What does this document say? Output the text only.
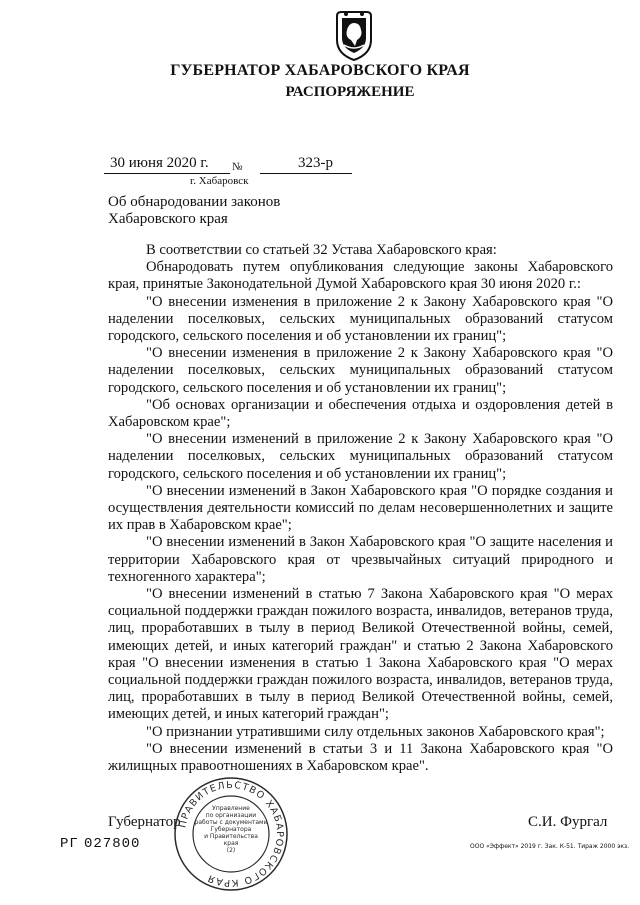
ГУБЕРНАТОР ХАБАРОВСКОГО КРАЯ
РАСПОРЯЖЕНИЕ
30 июня 2020 г. №	323-р
г. Хабаровск
Об обнародовании законов
Хабаровского края

В соответствии со статьей 32 Устава Хабаровского края:

Обнародовать путем опубликования следующие законы Хабаровского края, принятые Законодательной Думой Хабаровского края 30 июня 2020 г.:

"О внесении изменения в приложение 2 к Закону Хабаровского края "О наделении поселковых, сельских муниципальных образований статусом городского, сельского поселения и об установлении их границ";

"О внесении изменения в приложение 2 к Закону Хабаровского края "О наделении поселковых, сельских муниципальных образований статусом городского, сельского поселения и об установлении их границ";

"Об основах организации и обеспечения отдыха и оздоровления детей в Хабаровском крае";

"О внесении изменений в приложение 2 к Закону Хабаровского края "О наделении поселковых, сельских муниципальных образований статусом городского, сельского поселения и об установлении их границ";

"О внесении изменений в Закон Хабаровского края "О порядке создания и осуществления деятельности комиссий по делам несовершеннолетних и защите их прав в Хабаровском крае";

"О внесении изменений в Закон Хабаровского края "О защите населения и территории Хабаровского края от чрезвычайных ситуаций природного и техногенного характера";

"О внесении изменений в статью 7 Закона Хабаровского края "О мерах социальной поддержки граждан пожилого возраста, инвалидов, ветеранов труда, лиц, проработавших в тылу в период Великой Отечественной войны, семей, имеющих детей, и иных категорий граждан" и статью 2 Закона Хабаровского края "О внесении изменения в статью 1 Закона Хабаровского края "О мерах социальной поддержки граждан пожилого возраста, инвалидов, ветеранов труда, лиц, проработавших в тылу в период Великой Отечественной войны, семей, имеющих детей, и иных категорий граждан";

"О признании утратившими силу отдельных законов Хабаровского края";

"О внесении изменений в статьи 3 и 11 Закона Хабаровского края "О жилищных правоотношениях в Хабаровском крае".

Губернатор	С.И. Фургал
РГ 027800	ООО «Эффект» 2019 г. Зак. К-51. Тираж 2000 экз.
ПРАВИТЕЛЬСТВО ХАБАРОВСКОГО КРАЯ
Управление
по организации
работы с документами
Губернатора
и Правительства
края
(2)
